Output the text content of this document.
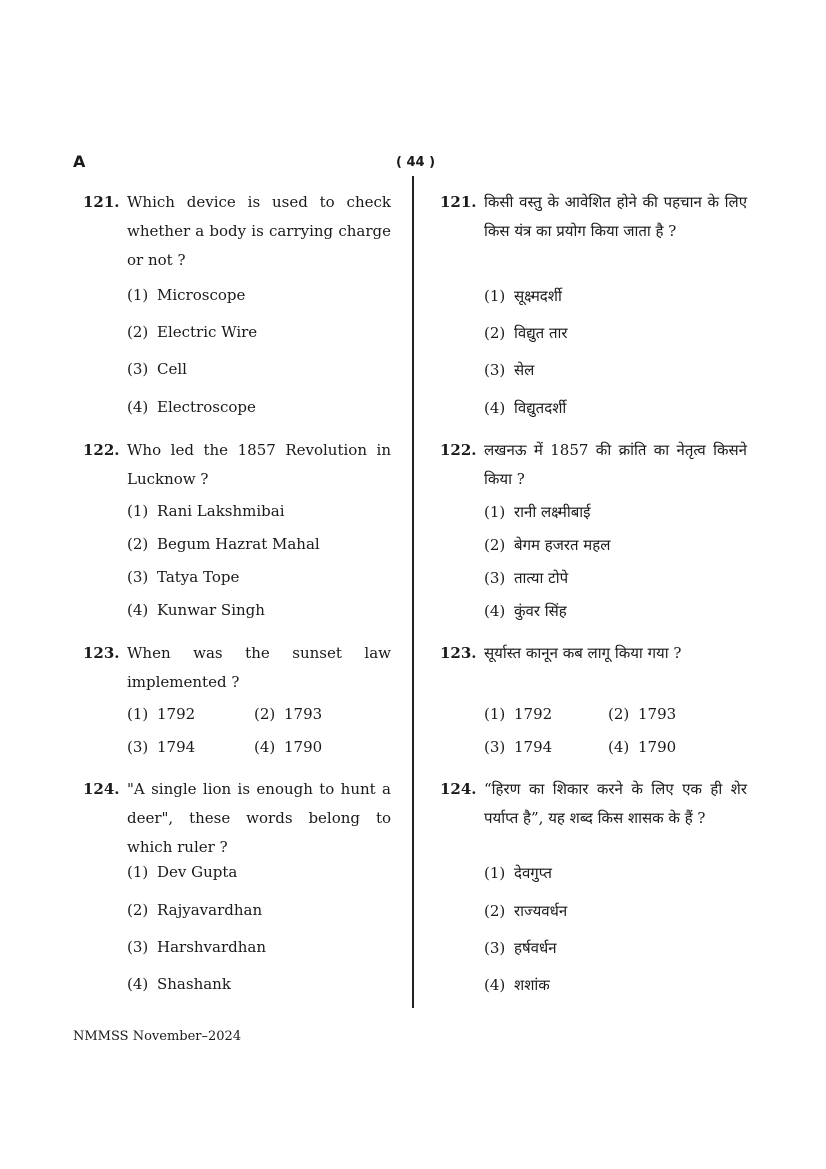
A	( 44 )
121. Which device is used to check whether a body is carrying charge or not ?
(1) Microscope
(2) Electric Wire
(3) Cell
(4) Electroscope
122. Who led the 1857 Revolution in Lucknow ?
(1) Rani Lakshmibai
(2) Begum Hazrat Mahal
(3) Tatya Tope
(4) Kunwar Singh
123. When was the sunset law implemented ?
(1) 1792	(2) 1793
(3) 1794	(4) 1790
124. "A single lion is enough to hunt a deer", these words belong to which ruler ?
(1) Dev Gupta
(2) Rajyavardhan
(3) Harshvardhan
(4) Shashank
121. किसी वस्तु के आवेशित होने की पहचान के लिए किस यंत्र का प्रयोग किया जाता है ?
(1) सूक्ष्मदर्शी
(2) विद्युत तार
(3) सेल
(4) विद्युतदर्शी
122. लखनऊ में 1857 की क्रांति का नेतृत्व किसने किया ?
(1) रानी लक्ष्मीबाई
(2) बेगम हजरत महल
(3) तात्या टोपे
(4) कुंवर सिंह
123. सूर्यास्त कानून कब लागू किया गया ?
(1) 1792	(2) 1793
(3) 1794	(4) 1790
124. “हिरण का शिकार करने के लिए एक ही शेर पर्याप्त है”, यह शब्द किस शासक के हैं ?
(1) देवगुप्त
(2) राज्यवर्धन
(3) हर्षवर्धन
(4) शशांक
NMMSS November–2024
